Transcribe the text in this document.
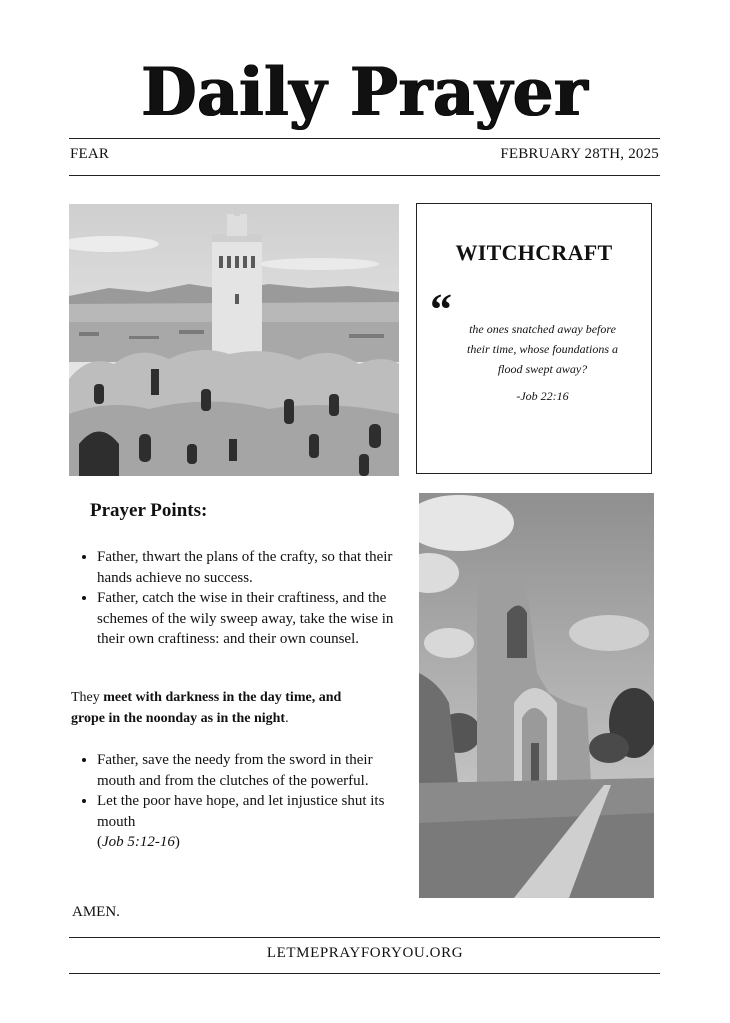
Daily Prayer
FEAR	FEBRUARY 28TH, 2025
WITCHCRAFT
“	the ones snatched away before their time, whose foundations a flood swept away?
-Job 22:16
Prayer Points:
• Father, thwart the plans of the crafty, so that their hands achieve no success.
• Father, catch the wise in their craftiness, and the schemes of the wily sweep away, take the wise in their own craftiness: and their own counsel.
They meet with darkness in the day time, and grope in the noonday as in the night.
• Father, save the needy from the sword in their mouth and from the clutches of the powerful.
• Let the poor have hope, and let injustice shut its mouth
(Job 5:12-16)
AMEN.
LETMEPRAYFORYOU.ORG
